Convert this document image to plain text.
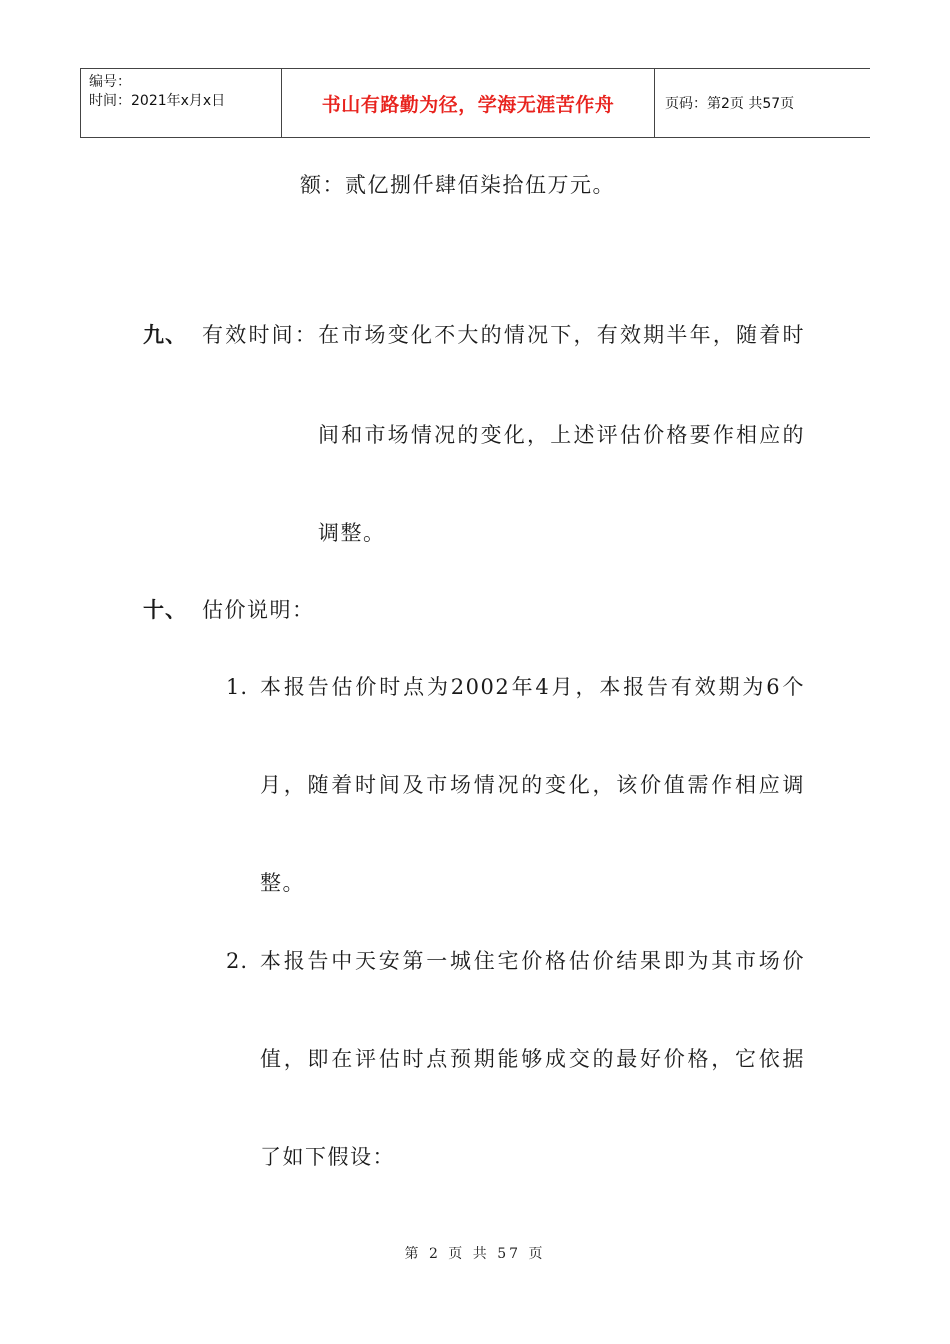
编号：
时间：2021年x月x日	书山有路勤为径，学海无涯苦作舟	页码：第2页 共57页
额：贰亿捌仟肆佰柒拾伍万元。
九、 有效时间：在市场变化不大的情况下，有效期半年，随着时
间和市场情况的变化，上述评估价格要作相应的
调整。
十、 估价说明：
1. 本报告估价时点为2002年4月，本报告有效期为6个
月，随着时间及市场情况的变化，该价值需作相应调
整。
2. 本报告中天安第一城住宅价格估价结果即为其市场价
值，即在评估时点预期能够成交的最好价格，它依据
了如下假设：
第 2 页 共 57 页
